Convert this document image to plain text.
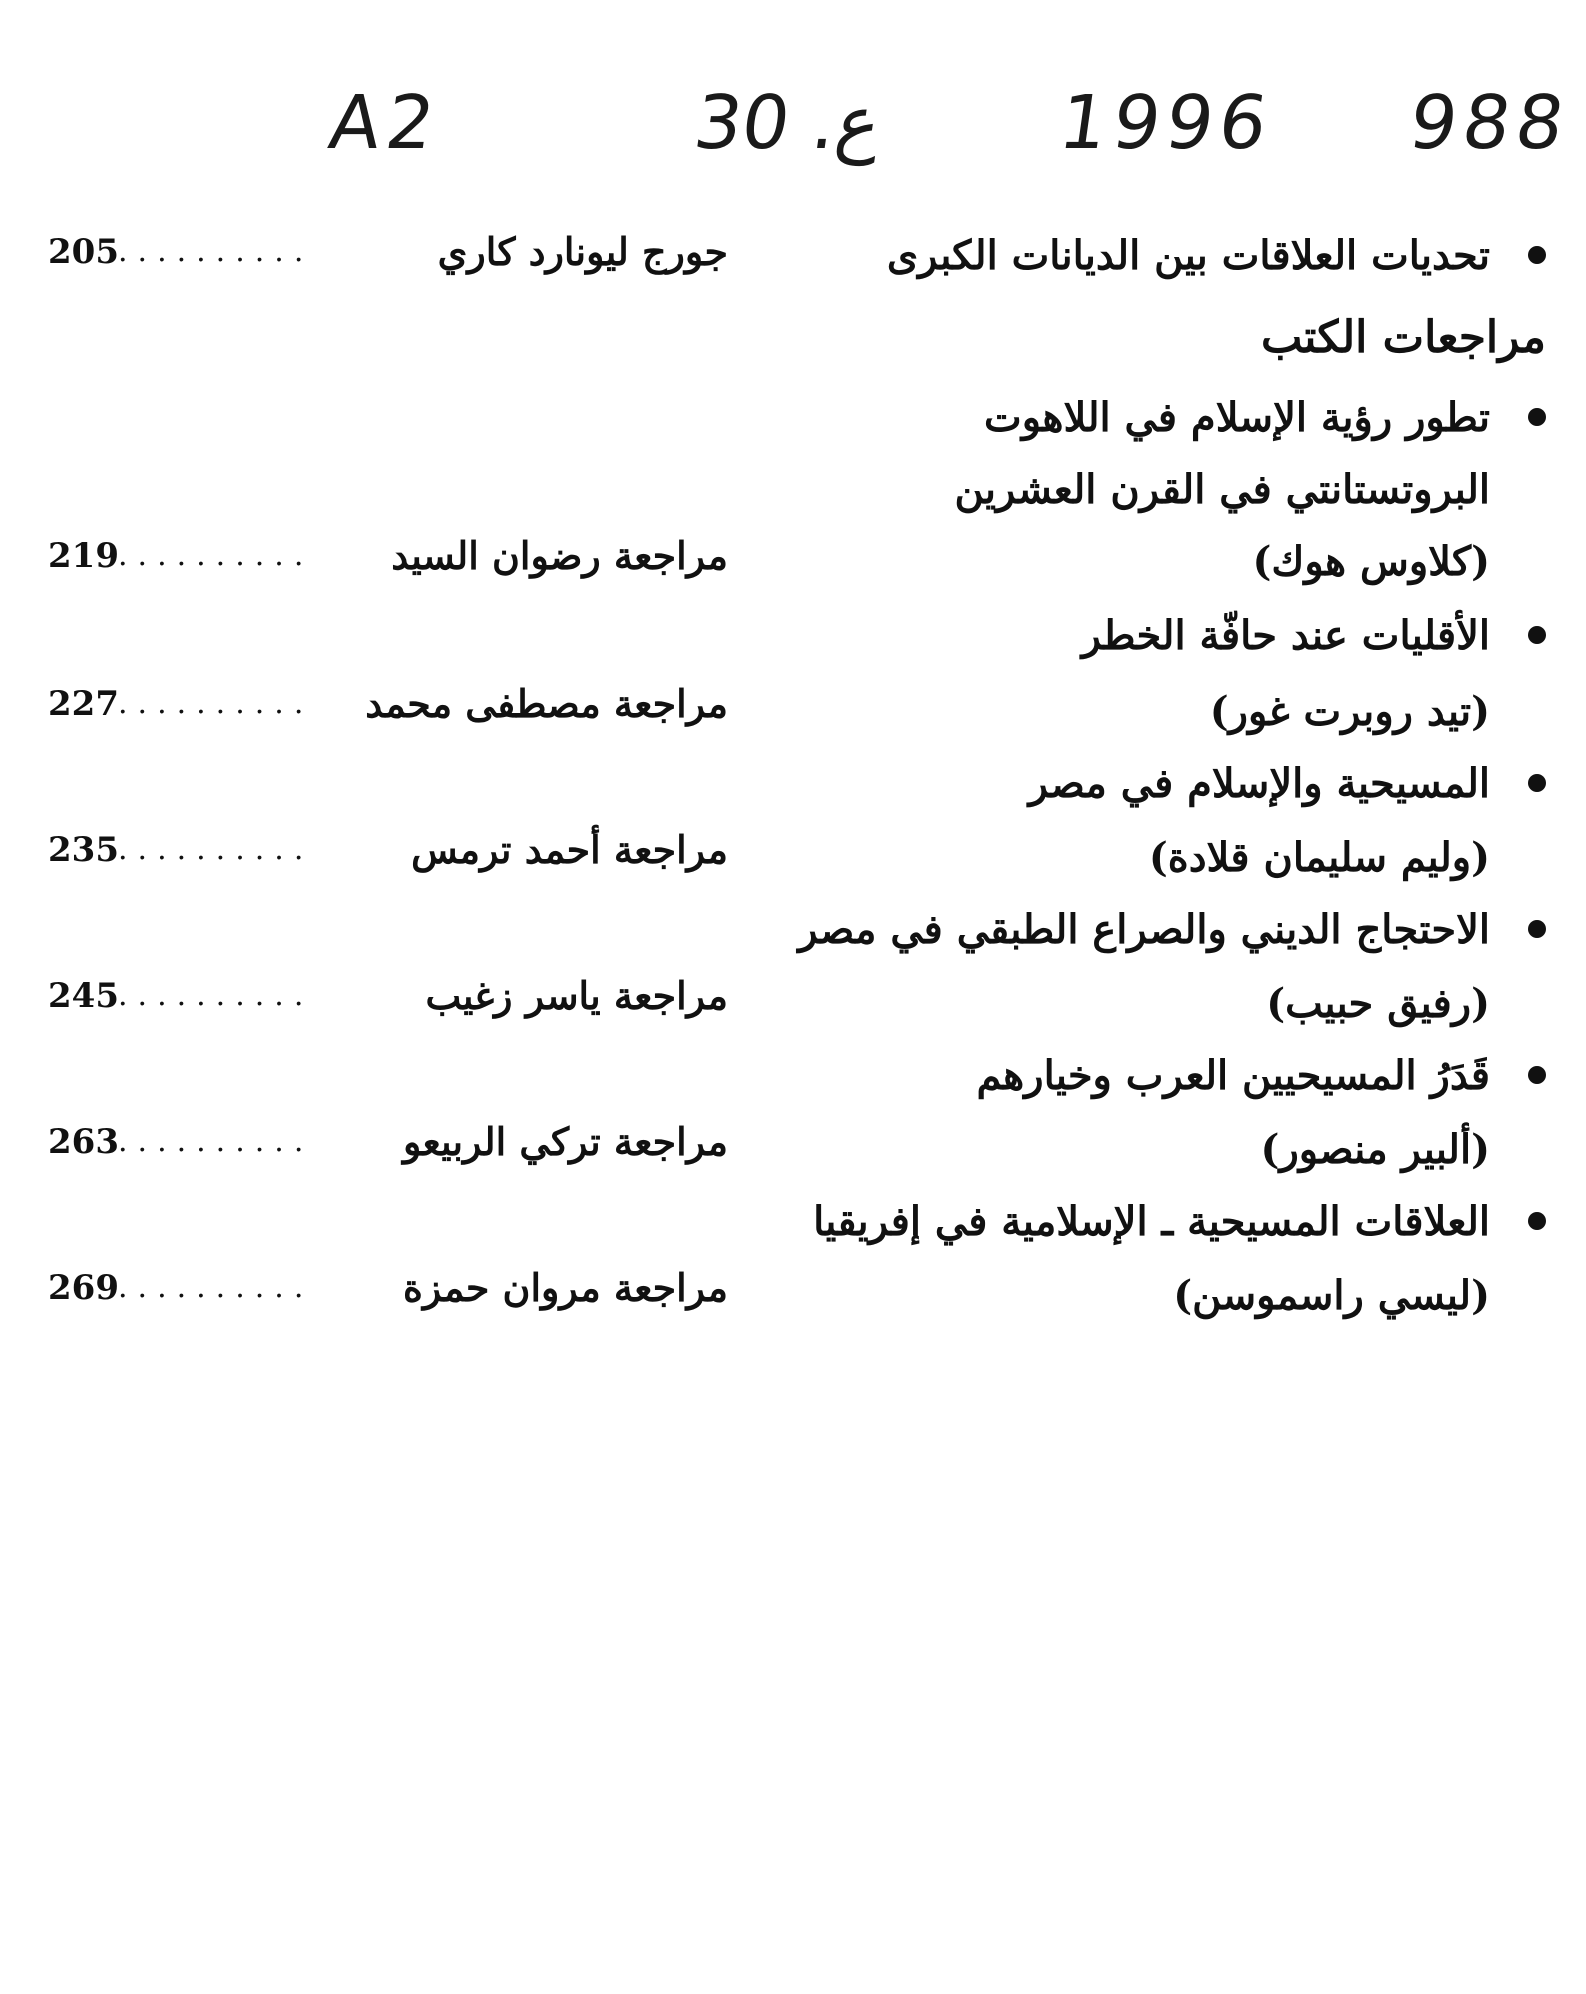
A2	30 .ع 1996 988
تحديات العلاقات بين الديانات الكبرى
جورج ليونارد كاري
..........
205
مراجعات الكتب
تطور رؤية الإسلام في اللاهوت
البروتستانتي في القرن العشرين
(كلاوس هوك)
مراجعة رضوان السيد
..........
219
الأقليات عند حافّة الخطر
(تيد روبرت غور)
مراجعة مصطفى محمد
..........
227
المسيحية والإسلام في مصر
(وليم سليمان قلادة)
مراجعة أحمد ترمس
..........
235
الاحتجاج الديني والصراع الطبقي في مصر
(رفيق حبيب)
مراجعة ياسر زغيب
..........
245
قَدَرُ المسيحيين العرب وخيارهم
(ألبير منصور)
مراجعة تركي الربيعو
..........
263
العلاقات المسيحية ـ الإسلامية في إفريقيا
(ليسي راسموسن)
مراجعة مروان حمزة
..........
269
